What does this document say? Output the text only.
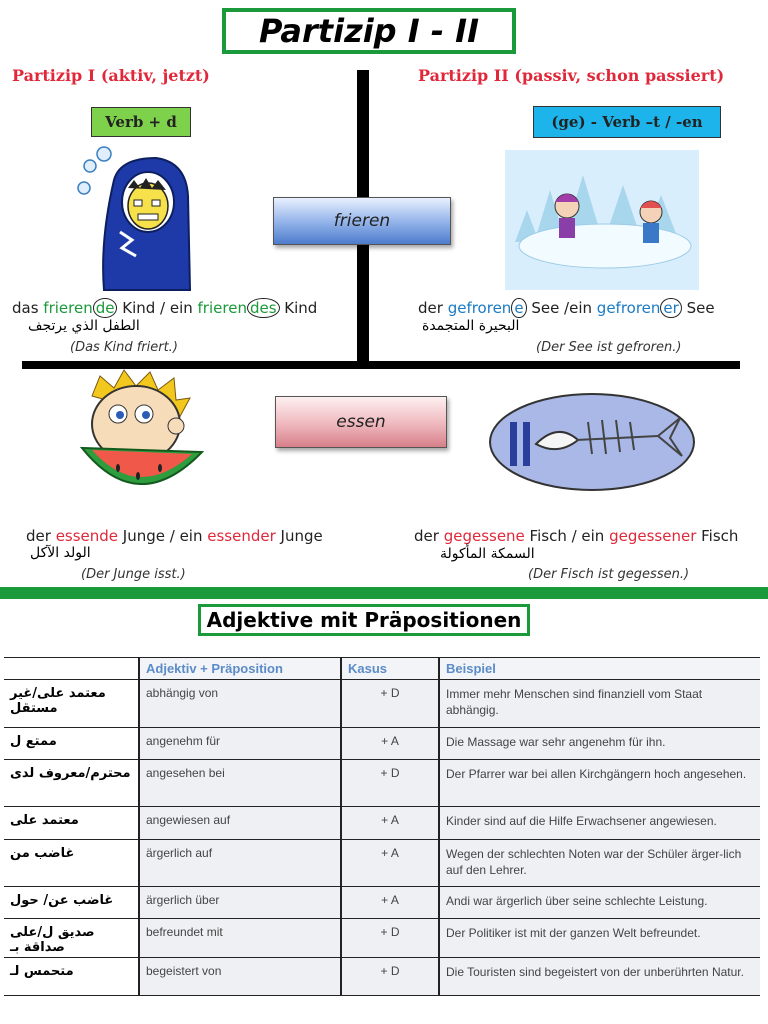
Partizip I - II
Partizip I (aktiv, jetzt)	Partizip II (passiv, schon passiert)
Verb + d	(ge) - Verb –t / -en
frieren
essen
das frieren de Kind / ein frieren des Kind
الطفل الذي يرتجف
(Das Kind friert.)
der gefroren e See /ein gefroren er See
البحيرة المتجمدة
(Der See ist gefroren.)
der essende Junge / ein essender Junge
الولد الآكل
(Der Junge isst.)
der gegessene Fisch / ein gegessener Fisch
السمكة المأكولة
(Der Fisch ist gegessen.)
Adjektive mit Präpositionen
	Adjektiv + Präposition	Kasus	Beispiel
معتمد على/غير مستقل	abhängig von	+ D	Immer mehr Menschen sind finanziell vom Staat abhängig.
ممتع ل	angenehm für	+ A	Die Massage war sehr angenehm für ihn.
محترم/معروف لدى	angesehen bei	+ D	Der Pfarrer war bei allen Kirchgängern hoch angesehen.
معتمد على	angewiesen auf	+ A	Kinder sind auf die Hilfe Erwachsener angewiesen.
غاضب من	ärgerlich auf	+ A	Wegen der schlechten Noten war der Schüler ärger-lich auf den Lehrer.
غاضب عن/ حول	ärgerlich über	+ A	Andi war ärgerlich über seine schlechte Leistung.
صديق ل/على صداقة بـ	befreundet mit	+ D	Der Politiker ist mit der ganzen Welt befreundet.
متحمس لـ	begeistert von	+ D	Die Touristen sind begeistert von der unberührten Natur.
